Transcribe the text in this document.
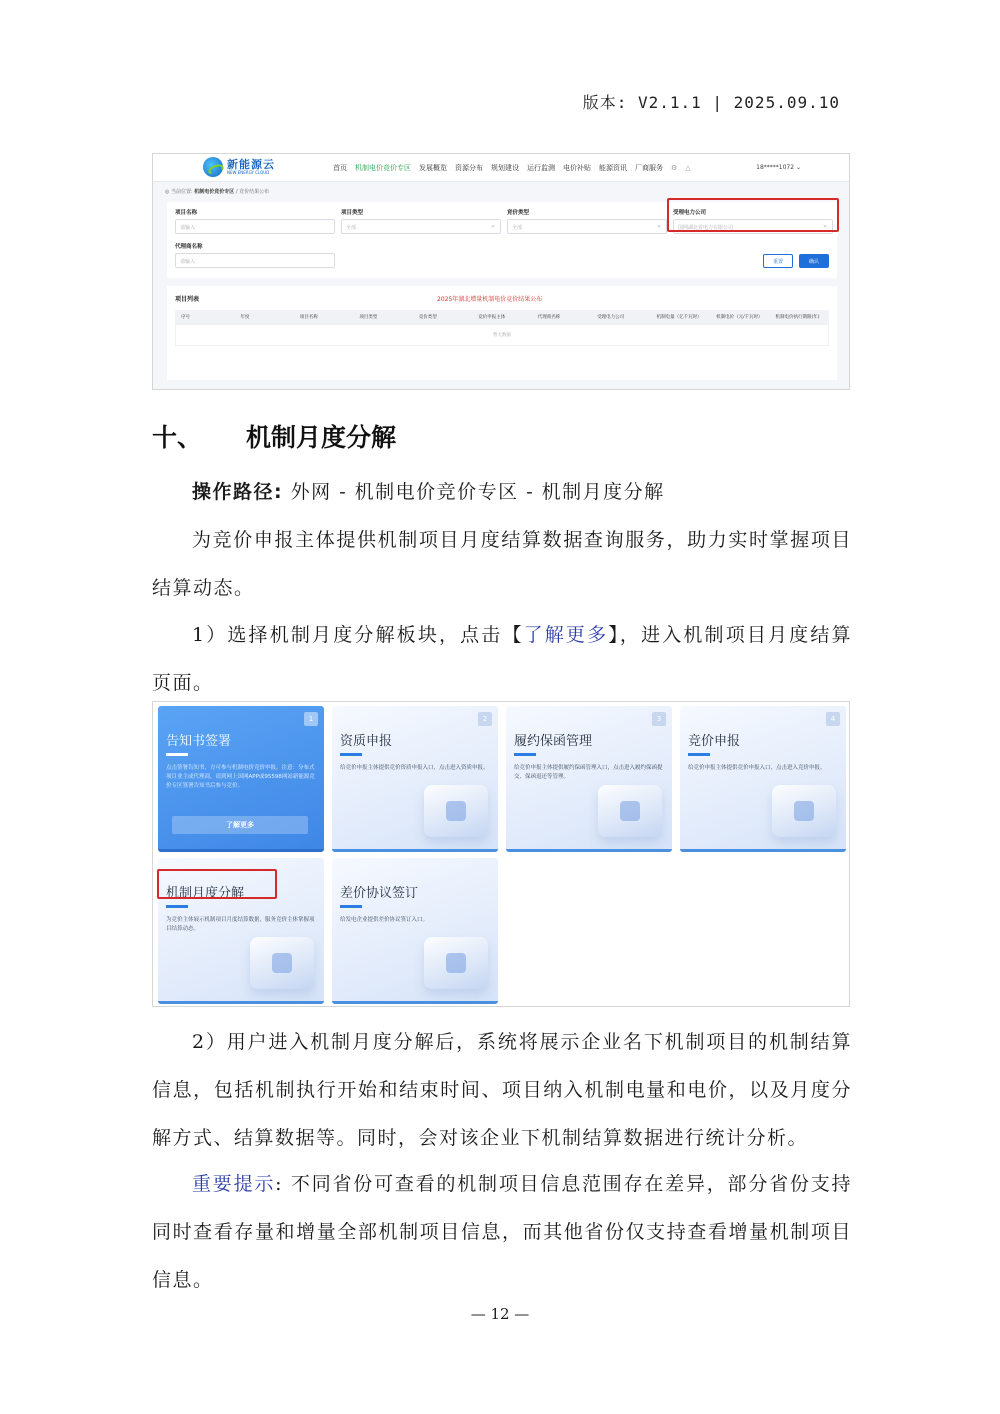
版本: V2.1.1 | 2025.09.10
新能源云
NEW ENERGY CLOUD
首页 机制电价竞价专区 发展概览 资源分布 规划建设 运行监测 电价补贴 能源资讯 厂商服务 ⚙ △	18*****1072 ⌄
◎ 当前位置: 机制电价竞价专区 / 竞价结果公布
项目名称
请输入
项目类型
全部 ⌄
竞价类型
全部 ⌄
受理电力公司
国网湖北省电力有限公司 ⌄
代理商名称
请输入	重置	确认
项目列表	2025年湖北增量机制电价竞价结果公布
序号	年度	项目名称	项目类型	竞价类型	竞价申报主体	代理商名称	受理电力公司	机制电量（亿千瓦时）	机制电价（元/千瓦时）	机制电价执行期限(年)
暂无数据
十、 机制月度分解
操作路径: 外网 - 机制电价竞价专区 - 机制月度分解
为竞价申报主体提供机制项目月度结算数据查询服务，助力实时掌握项目结算动态。
1）选择机制月度分解板块，点击【了解更多】，进入机制项目月度结算页面。
1
告知书签署
点击签署告知书，方可参与机制电价竞价申报。注意：分布式项目业主或代理商，请到网上国网APP或95598网站新能源竞价专区签署告知书后参与竞价。
了解更多
2
资质申报
给竞价申报主体提供竞价资质申报入口，点击进入资质申报。
3
履约保函管理
给竞价申报主体提供履约保函管理入口，点击进入履约保函提交、保函退还等管理。
4
竞价申报
给竞价申报主体提供竞价申报入口，点击进入竞价申报。
机制月度分解
为竞价主体展示机制项目月度结算数据，服务竞价主体掌握项目结算动态。
差价协议签订
给发电企业提供差价协议签订入口。
2）用户进入机制月度分解后，系统将展示企业名下机制项目的机制结算信息，包括机制执行开始和结束时间、项目纳入机制电量和电价，以及月度分解方式、结算数据等。同时，会对该企业下机制结算数据进行统计分析。
重要提示: 不同省份可查看的机制项目信息范围存在差异，部分省份支持同时查看存量和增量全部机制项目信息，而其他省份仅支持查看增量机制项目信息。
— 12 —
